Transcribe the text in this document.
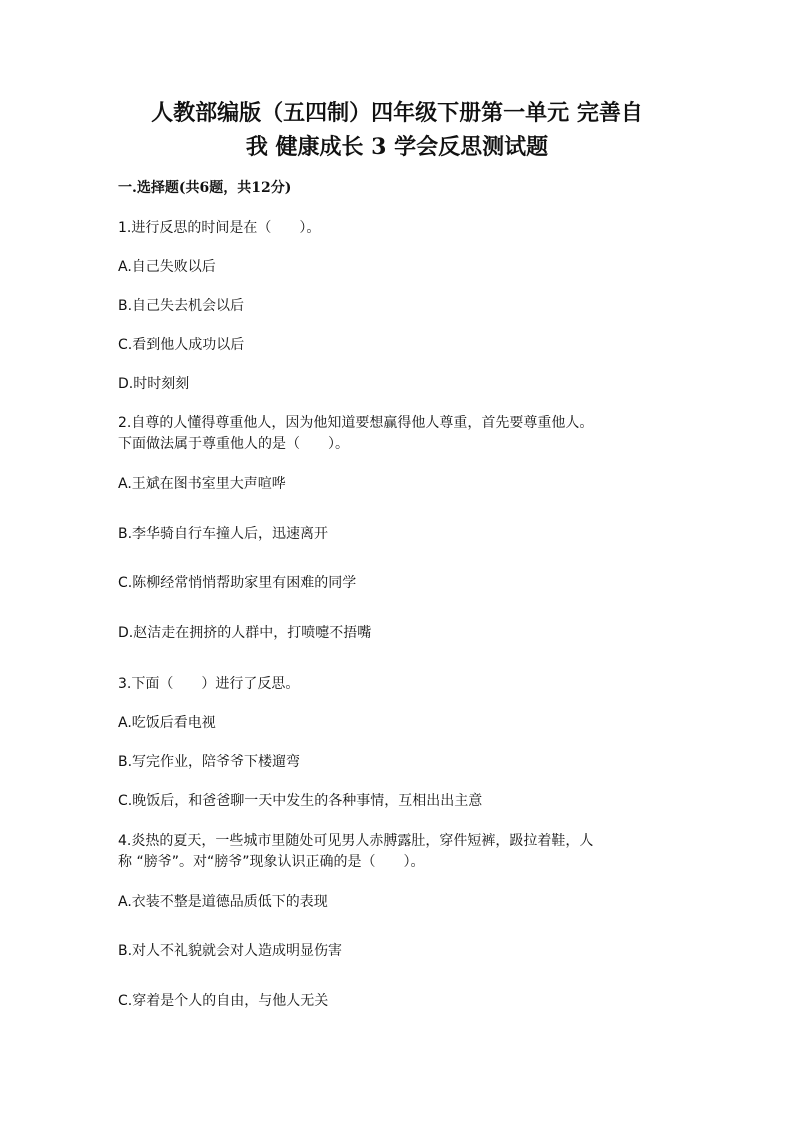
人教部编版（五四制）四年级下册第一单元 完善自
我 健康成长 3 学会反思测试题
一.选择题(共6题，共12分)
1.进行反思的时间是在（　　）。
A.自己失败以后
B.自己失去机会以后
C.看到他人成功以后
D.时时刻刻
2.自尊的人懂得尊重他人，因为他知道要想赢得他人尊重，首先要尊重他人。
下面做法属于尊重他人的是（　　）。
A.王斌在图书室里大声喧哗
B.李华骑自行车撞人后，迅速离开
C.陈柳经常悄悄帮助家里有困难的同学
D.赵洁走在拥挤的人群中，打喷嚏不捂嘴
3.下面（　　）进行了反思。
A.吃饭后看电视
B.写完作业，陪爷爷下楼遛弯
C.晚饭后，和爸爸聊一天中发生的各种事情，互相出出主意
4.炎热的夏天，一些城市里随处可见男人赤膊露肚，穿件短裤，趿拉着鞋，人
称 “膀爷”。对“膀爷”现象认识正确的是（　　）。
A.衣装不整是道德品质低下的表现
B.对人不礼貌就会对人造成明显伤害
C.穿着是个人的自由，与他人无关
